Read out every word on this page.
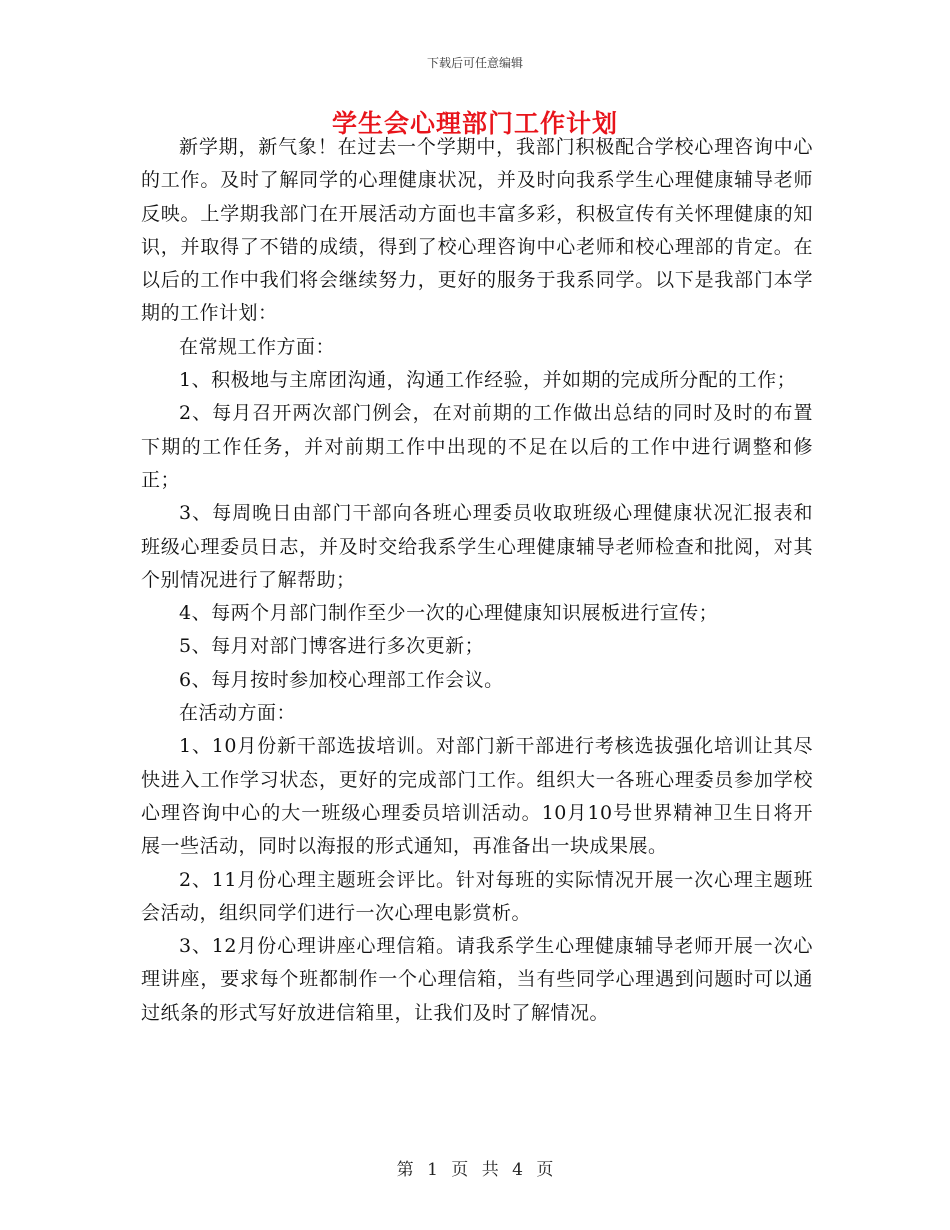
下载后可任意编辑
学生会心理部门工作计划

新学期，新气象！在过去一个学期中，我部门积极配合学校心理咨询中心的工作。及时了解同学的心理健康状况，并及时向我系学生心理健康辅导老师反映。上学期我部门在开展活动方面也丰富多彩，积极宣传有关怀理健康的知识，并取得了不错的成绩，得到了校心理咨询中心老师和校心理部的肯定。在以后的工作中我们将会继续努力，更好的服务于我系同学。以下是我部门本学期的工作计划：

在常规工作方面：

1、积极地与主席团沟通，沟通工作经验，并如期的完成所分配的工作；

2、每月召开两次部门例会，在对前期的工作做出总结的同时及时的布置下期的工作任务，并对前期工作中出现的不足在以后的工作中进行调整和修正；

3、每周晚日由部门干部向各班心理委员收取班级心理健康状况汇报表和班级心理委员日志，并及时交给我系学生心理健康辅导老师检查和批阅，对其个别情况进行了解帮助；

4、每两个月部门制作至少一次的心理健康知识展板进行宣传；

5、每月对部门博客进行多次更新；

6、每月按时参加校心理部工作会议。

在活动方面：

1、10月份新干部选拔培训。对部门新干部进行考核选拔强化培训让其尽快进入工作学习状态，更好的完成部门工作。组织大一各班心理委员参加学校心理咨询中心的大一班级心理委员培训活动。10月10号世界精神卫生日将开展一些活动，同时以海报的形式通知，再准备出一块成果展。

2、11月份心理主题班会评比。针对每班的实际情况开展一次心理主题班会活动，组织同学们进行一次心理电影赏析。

3、12月份心理讲座心理信箱。请我系学生心理健康辅导老师开展一次心理讲座，要求每个班都制作一个心理信箱，当有些同学心理遇到问题时可以通过纸条的形式写好放进信箱里，让我们及时了解情况。

第 1 页 共 4 页
